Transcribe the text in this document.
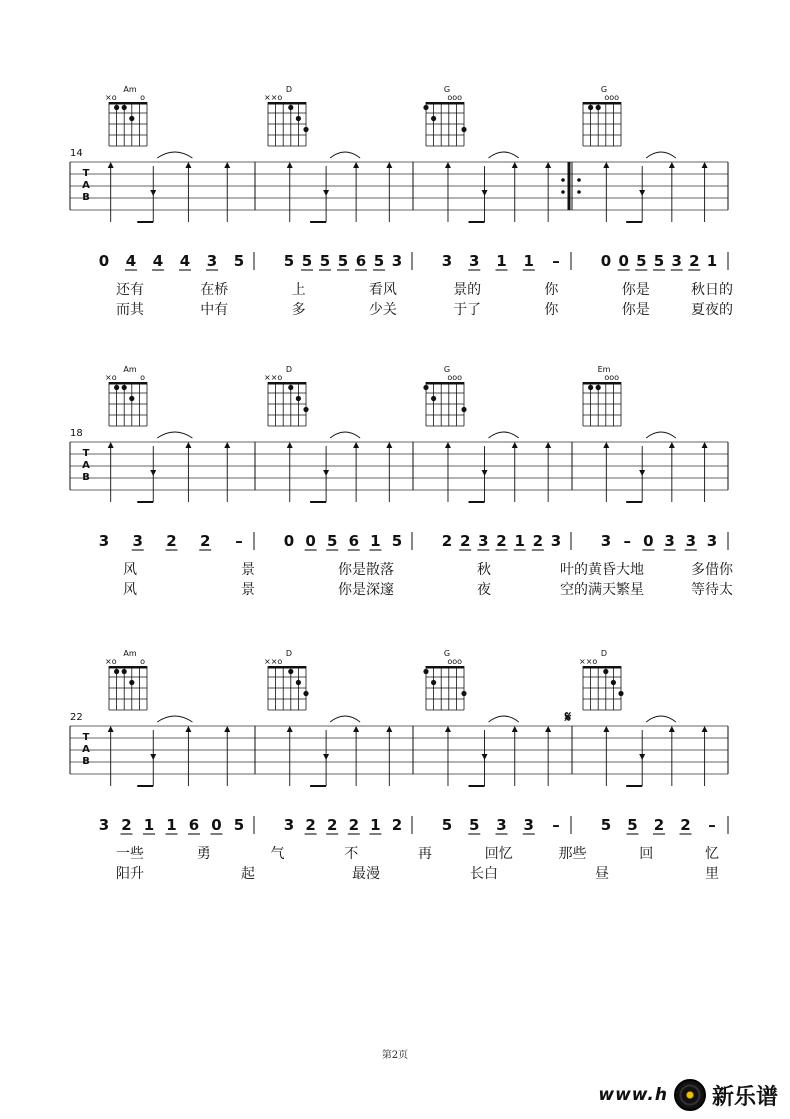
Am
×o	o
D
××o
G
ooo
G
ooo
14
T
A
B
0 4 4 4 3 5	5 5 5 5 6 5 3	3 3 1 1 –	0 0 5 5 3 2 1
还有	在桥	上	看风	景的	你	你是	秋日的
而其	中有	多	少关	于了	你	你是	夏夜的
Am
×o	o
D
××o
G
ooo
Em
ooo
18
T
A
B
3 3 2 2 –	0 0 5 6 1 5	2 2 3 2 1 2 3	3 – 0 3 3 3
风	景	你是散落	秋	叶的黄昏大地	多借你
风	景	你是深邃	夜	空的满天繁星	等待太
Am
×o	o
D
××o
G
ooo
D
××o
22
T
A
B
𝄋
3 2 1 1 6 0 5	3 2 2 2 1 2	5 5 3 3 –	5 5 2 2 –
一些	勇	气	不	再	回忆	那些	回	忆
阳升	起	最漫	长白	昼	里
第2页
www.h 新乐谱
